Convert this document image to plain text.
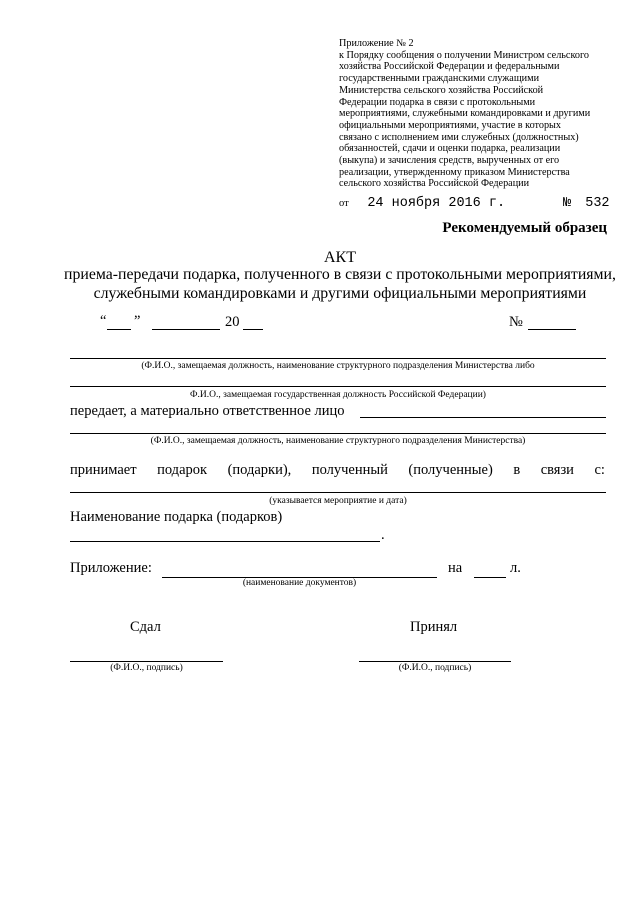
Приложение № 2
к Порядку сообщения о получении Министром сельского
хозяйства Российской Федерации и федеральными
государственными гражданскими служащими
Министерства сельского хозяйства Российской
Федерации подарка в связи с протокольными
мероприятиями, служебными командировками и другими
официальными мероприятиями, участие в которых
связано с исполнением ими служебных (должностных)
обязанностей, сдачи и оценки подарка, реализации
(выкупа) и зачисления средств, вырученных от его
реализации, утвержденному приказом Министерства
сельского хозяйства Российской Федерации
от 24 ноября 2016 г.	№ 532
Рекомендуемый образец
АКТ
приема-передачи подарка, полученного в связи с протокольными мероприятиями,
служебными командировками и другими официальными мероприятиями
“ ”	20	№
(Ф.И.О., замещаемая должность, наименование структурного подразделения Министерства либо
Ф.И.О., замещаемая государственная должность Российской Федерации)
передает, а материально ответственное лицо
(Ф.И.О., замещаемая должность, наименование структурного подразделения Министерства)
принимает подарок (подарки), полученный (полученные) в связи с:
(указывается мероприятие и дата)
Наименование подарка (подарков)
.
Приложение:
(наименование документов)
на	л.
Сдал	Принял
(Ф.И.О., подпись)	(Ф.И.О., подпись)
